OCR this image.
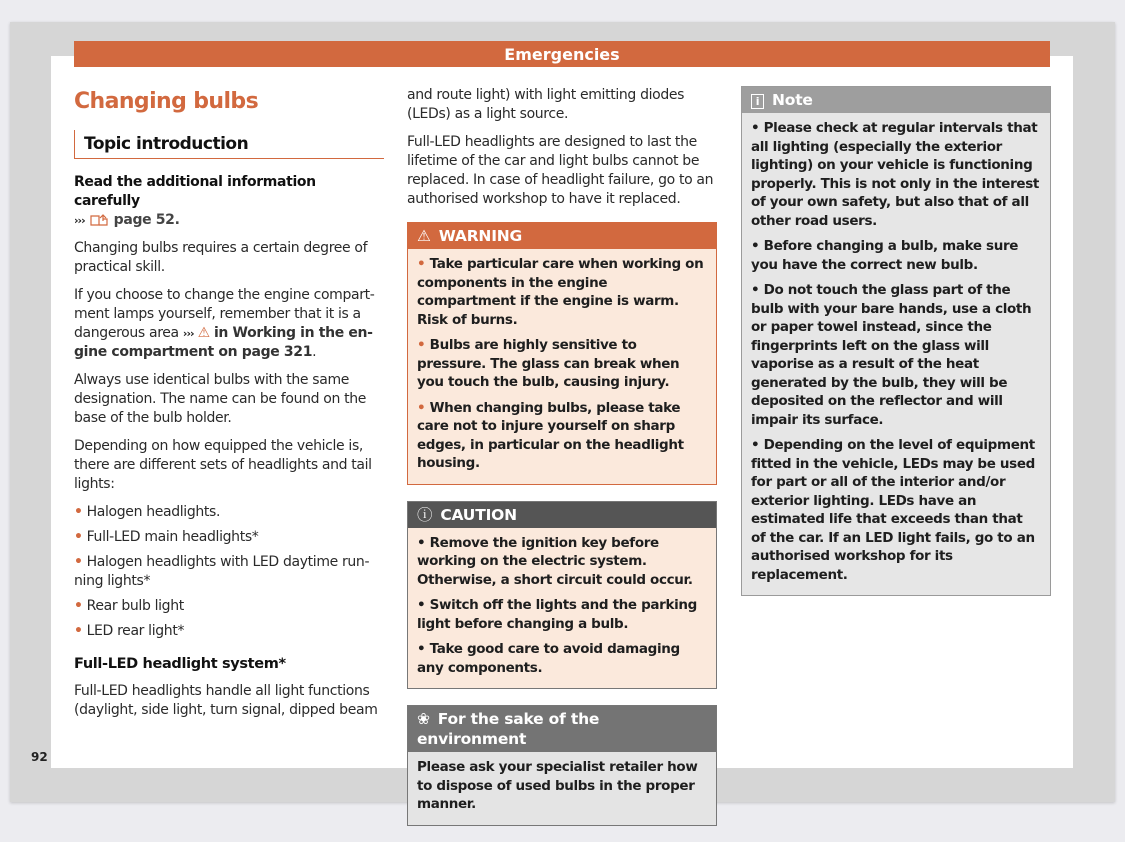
Emergencies
92
Changing bulbs
Topic introduction

Read the additional information carefully
››› page 52.

Changing bulbs requires a certain degree of practical skill.

If you choose to change the engine compartment lamps yourself, remember that it is a dangerous area ››› ⚠ in Working in the engine compartment on page 321.

Always use identical bulbs with the same designation. The name can be found on the base of the bulb holder.

Depending on how equipped the vehicle is, there are different sets of headlights and tail lights:

• Halogen headlights.
• Full-LED main headlights*
• Halogen headlights with LED daytime running lights*
• Rear bulb light
• LED rear light*
Full-LED headlight system*

Full-LED headlights handle all light functions (daylight, side light, turn signal, dipped beam

and route light) with light emitting diodes (LEDs) as a light source.

Full-LED headlights are designed to last the lifetime of the car and light bulbs cannot be replaced. In case of headlight failure, go to an authorised workshop to have it replaced.

⚠ WARNING

• Take particular care when working on components in the engine compartment if the engine is warm. Risk of burns.

• Bulbs are highly sensitive to pressure. The glass can break when you touch the bulb, causing injury.

• When changing bulbs, please take care not to injure yourself on sharp edges, in particular on the headlight housing.

ⓘ CAUTION

• Remove the ignition key before working on the electric system. Otherwise, a short circuit could occur.

• Switch off the lights and the parking light before changing a bulb.

• Take good care to avoid damaging any components.

❀ For the sake of the environment

Please ask your specialist retailer how to dispose of used bulbs in the proper manner.

i Note

• Please check at regular intervals that all lighting (especially the exterior lighting) on your vehicle is functioning properly. This is not only in the interest of your own safety, but also that of all other road users.

• Before changing a bulb, make sure you have the correct new bulb.

• Do not touch the glass part of the bulb with your bare hands, use a cloth or paper towel instead, since the fingerprints left on the glass will vaporise as a result of the heat generated by the bulb, they will be deposited on the reflector and will impair its surface.

• Depending on the level of equipment fitted in the vehicle, LEDs may be used for part or all of the interior and/or exterior lighting. LEDs have an estimated life that exceeds than that of the car. If an LED light fails, go to an authorised workshop for its replacement.
